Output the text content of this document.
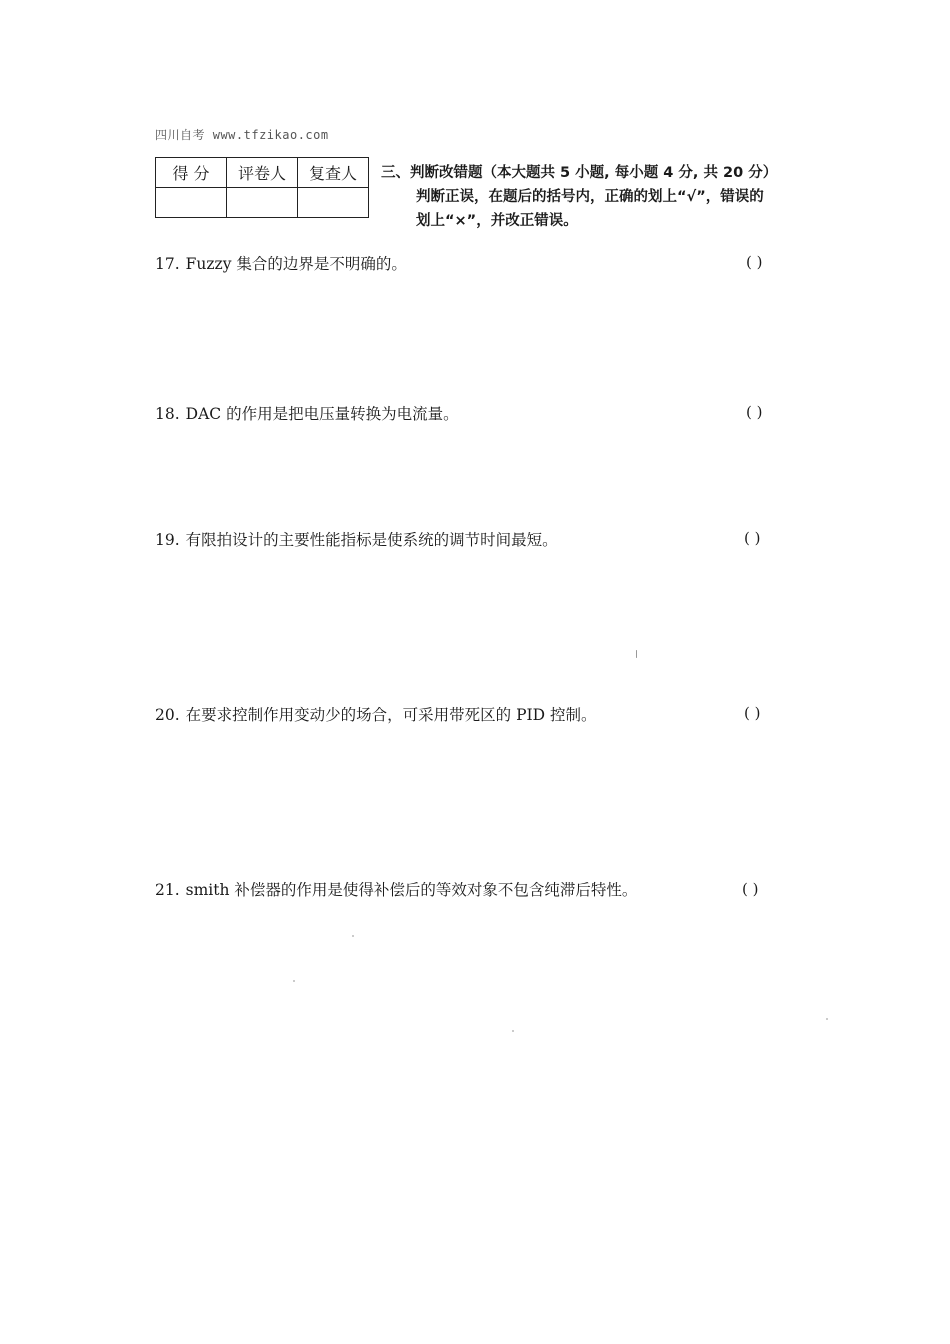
四川自考 www.tfzikao.com
得 分	评卷人	复查人
		三、判断改错题（本大题共 5 小题, 每小题 4 分, 共 20 分）

判断正误，在题后的括号内，正确的划上“√”，错误的
划上“×”，并改正错误。
17. Fuzzy 集合的边界是不明确的。	( )
18. DAC 的作用是把电压量转换为电流量。	( )
19. 有限拍设计的主要性能指标是使系统的调节时间最短。	( )
20. 在要求控制作用变动少的场合，可采用带死区的 PID 控制。	( )
21. smith 补偿器的作用是使得补偿后的等效对象不包含纯滞后特性。	( )
